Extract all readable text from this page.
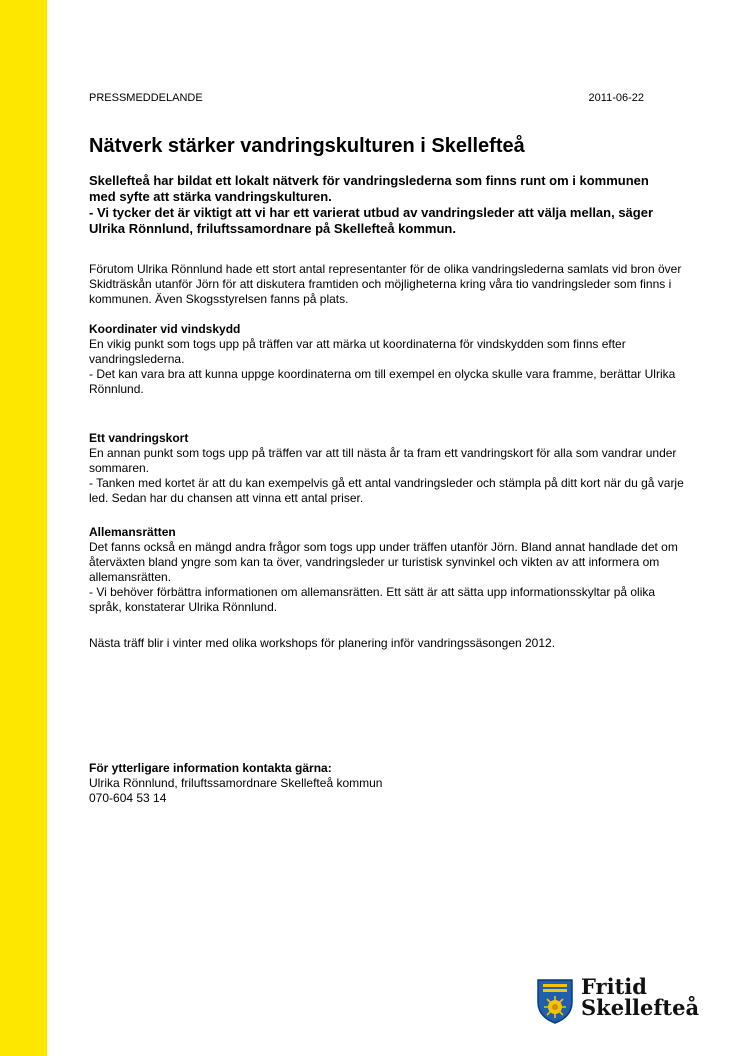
PRESSMEDDELANDE	2011-06-22
Nätverk stärker vandringskulturen i Skellefteå

Skellefteå har bildat ett lokalt nätverk för vandringslederna som finns runt om i kommunen med syfte att stärka vandringskulturen.

- Vi tycker det är viktigt att vi har ett varierat utbud av vandringsleder att välja mellan, säger Ulrika Rönnlund, friluftssamordnare på Skellefteå kommun.

Förutom Ulrika Rönnlund hade ett stort antal representanter för de olika vandringslederna samlats vid bron över Skidträskån utanför Jörn för att diskutera framtiden och möjligheterna kring våra tio vandringsleder som finns i kommunen. Även Skogsstyrelsen fanns på plats.

Koordinater vid vindskydd

En vikig punkt som togs upp på träffen var att märka ut koordinaterna för vindskydden som finns efter vandringslederna.

- Det kan vara bra att kunna uppge koordinaterna om till exempel en olycka skulle vara framme, berättar Ulrika Rönnlund.

Ett vandringskort

En annan punkt som togs upp på träffen var att till nästa år ta fram ett vandringskort för alla som vandrar under sommaren.

- Tanken med kortet är att du kan exempelvis gå ett antal vandringsleder och stämpla på ditt kort när du gå varje led. Sedan har du chansen att vinna ett antal priser.

Allemansrätten

Det fanns också en mängd andra frågor som togs upp under träffen utanför Jörn. Bland annat handlade det om återväxten bland yngre som kan ta över, vandringsleder ur turistisk synvinkel och vikten av att informera om allemansrätten.

- Vi behöver förbättra informationen om allemansrätten. Ett sätt är att sätta upp informationsskyltar på olika språk, konstaterar Ulrika Rönnlund.

Nästa träff blir i vinter med olika workshops för planering inför vandringssäsongen 2012.

För ytterligare information kontakta gärna:

Ulrika Rönnlund, friluftssamordnare Skellefteå kommun

070-604 53 14

Fritid
Skellefteå
